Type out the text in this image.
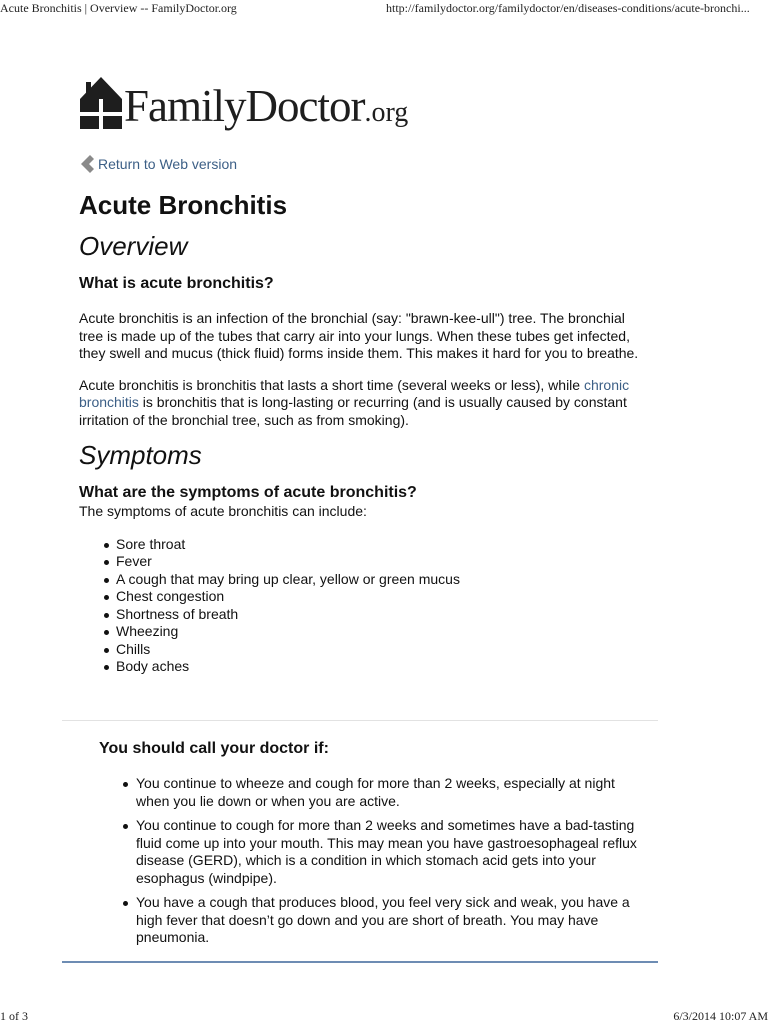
Acute Bronchitis | Overview -- FamilyDoctor.org	http://familydoctor.org/familydoctor/en/diseases-conditions/acute-bronchi...
FamilyDoctor.org
Return to Web version
Acute Bronchitis
Overview
What is acute bronchitis?

Acute bronchitis is an infection of the bronchial (say: "brawn-kee-ull") tree. The bronchial tree is made up of the tubes that carry air into your lungs. When these tubes get infected, they swell and mucus (thick fluid) forms inside them. This makes it hard for you to breathe.

Acute bronchitis is bronchitis that lasts a short time (several weeks or less), while chronic bronchitis is bronchitis that is long-lasting or recurring (and is usually caused by constant irritation of the bronchial tree, such as from smoking).

Symptoms
What are the symptoms of acute bronchitis?

The symptoms of acute bronchitis can include:

Sore throat
Fever
A cough that may bring up clear, yellow or green mucus
Chest congestion
Shortness of breath
Wheezing
Chills
Body aches
You should call your doctor if:
You continue to wheeze and cough for more than 2 weeks, especially at night when you lie down or when you are active.
You continue to cough for more than 2 weeks and sometimes have a bad-tasting fluid come up into your mouth. This may mean you have gastroesophageal reflux disease (GERD), which is a condition in which stomach acid gets into your esophagus (windpipe).
You have a cough that produces blood, you feel very sick and weak, you have a high fever that doesn’t go down and you are short of breath. You may have pneumonia.
1 of 3	6/3/2014 10:07 AM
